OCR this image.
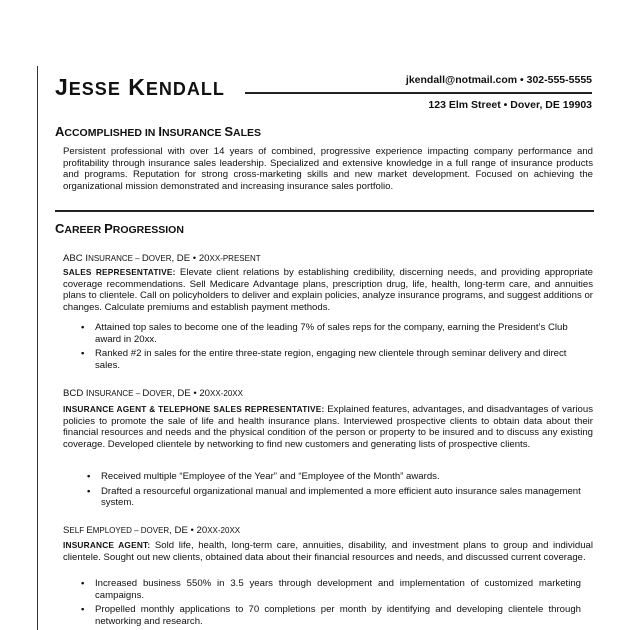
JESSE KENDALL	jkendall@notmail.com • 302-555-5555
123 Elm Street • Dover, DE 19903
ACCOMPLISHED IN INSURANCE SALES
Persistent professional with over 14 years of combined, progressive experience impacting company performance and profitability through insurance sales leadership. Specialized and extensive knowledge in a full range of insurance products and programs. Reputation for strong cross-marketing skills and new market development. Focused on achieving the organizational mission demonstrated and increasing insurance sales portfolio.
CAREER PROGRESSION
ABC INSURANCE – DOVER, DE • 20XX-PRESENT
SALES REPRESENTATIVE: Elevate client relations by establishing credibility, discerning needs, and providing appropriate coverage recommendations. Sell Medicare Advantage plans, prescription drug, life, health, long-term care, and annuities plans to clientele. Call on policyholders to deliver and explain policies, analyze insurance programs, and suggest additions or changes. Calculate premiums and establish payment methods.
• Attained top sales to become one of the leading 7% of sales reps for the company, earning the President’s Club award in 20xx.
• Ranked #2 in sales for the entire three-state region, engaging new clientele through seminar delivery and direct sales.
BCD INSURANCE – DOVER, DE • 20XX-20XX
INSURANCE AGENT & TELEPHONE SALES REPRESENTATIVE: Explained features, advantages, and disadvantages of various policies to promote the sale of life and health insurance plans. Interviewed prospective clients to obtain data about their financial resources and needs and the physical condition of the person or property to be insured and to discuss any existing coverage. Developed clientele by networking to find new customers and generating lists of prospective clients.
• Received multiple “Employee of the Year” and “Employee of the Month” awards.
• Drafted a resourceful organizational manual and implemented a more efficient auto insurance sales management system.
SELF EMPLOYED – DOVER, DE • 20XX-20XX
INSURANCE AGENT: Sold life, health, long-term care, annuities, disability, and investment plans to group and individual clientele. Sought out new clients, obtained data about their financial resources and needs, and discussed current coverage.
• Increased business 550% in 3.5 years through development and implementation of customized marketing campaigns.
• Propelled monthly applications to 70 completions per month by identifying and developing clientele through networking and research.
